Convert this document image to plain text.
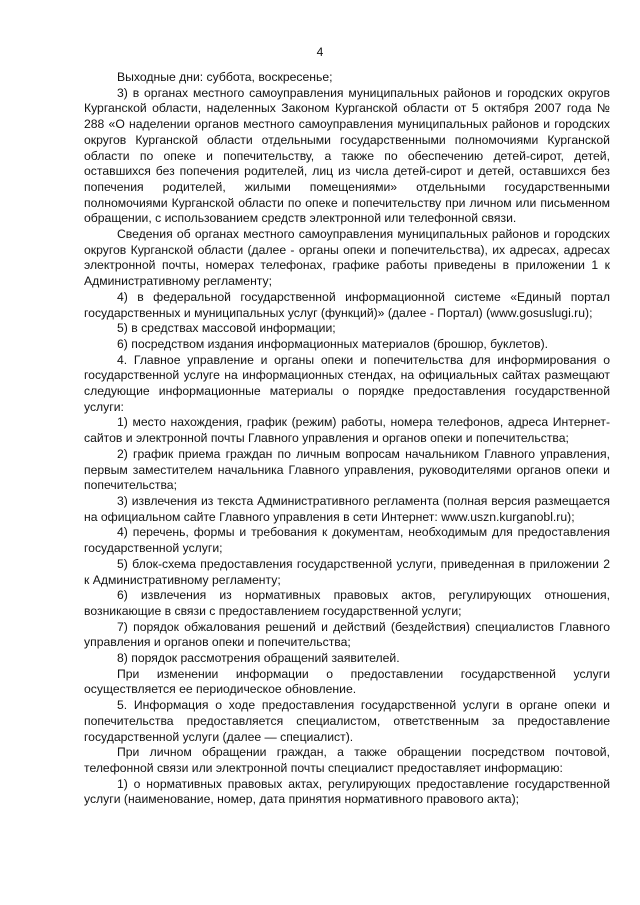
4

Выходные дни: суббота, воскресенье;

3) в органах местного самоуправления муниципальных районов и городских округов Курганской области, наделенных Законом Курганской области от 5 октября 2007 года № 288 «О наделении органов местного самоуправления муниципальных районов и городских округов Курганской области отдельными государственными полномочиями Курганской области по опеке и попечительству, а также по обеспечению детей-сирот, детей, оставшихся без попечения родителей, лиц из числа детей-сирот и детей, оставшихся без попечения родителей, жилыми помещениями» отдельными государственными полномочиями Курганской области по опеке и попечительству при личном или письменном обращении, с использованием средств электронной или телефонной связи.

Сведения об органах местного самоуправления муниципальных районов и городских округов Курганской области (далее - органы опеки и попечительства), их адресах, адресах электронной почты, номерах телефонах, графике работы приведены в приложении 1 к Административному регламенту;

4) в федеральной государственной информационной системе «Единый портал государственных и муниципальных услуг (функций)» (далее - Портал) (www.gosuslugi.ru);

5) в средствах массовой информации;

6) посредством издания информационных материалов (брошюр, буклетов).

4. Главное управление и органы опеки и попечительства для информирования о государственной услуге на информационных стендах, на официальных сайтах размещают следующие информационные материалы о порядке предоставления государственной услуги:

1) место нахождения, график (режим) работы, номера телефонов, адреса Интернет-сайтов и электронной почты Главного управления и органов опеки и попечительства;

2) график приема граждан по личным вопросам начальником Главного управления, первым заместителем начальника Главного управления, руководителями органов опеки и попечительства;

3) извлечения из текста Административного регламента (полная версия размещается на официальном сайте Главного управления в сети Интернет: www.uszn.kurganobl.ru);

4) перечень, формы и требования к документам, необходимым для предоставления государственной услуги;

5) блок-схема предоставления государственной услуги, приведенная в приложении 2 к Административному регламенту;

6) извлечения из нормативных правовых актов, регулирующих отношения, возникающие в связи с предоставлением государственной услуги;

7) порядок обжалования решений и действий (бездействия) специалистов Главного управления и органов опеки и попечительства;

8) порядок рассмотрения обращений заявителей.

При изменении информации о предоставлении государственной услуги осуществляется ее периодическое обновление.

5. Информация о ходе предоставления государственной услуги в органе опеки и попечительства предоставляется специалистом, ответственным за предоставление государственной услуги (далее — специалист).

При личном обращении граждан, а также обращении посредством почтовой, телефонной связи или электронной почты специалист предоставляет информацию:

1) о нормативных правовых актах, регулирующих предоставление государственной услуги (наименование, номер, дата принятия нормативного правового акта);
